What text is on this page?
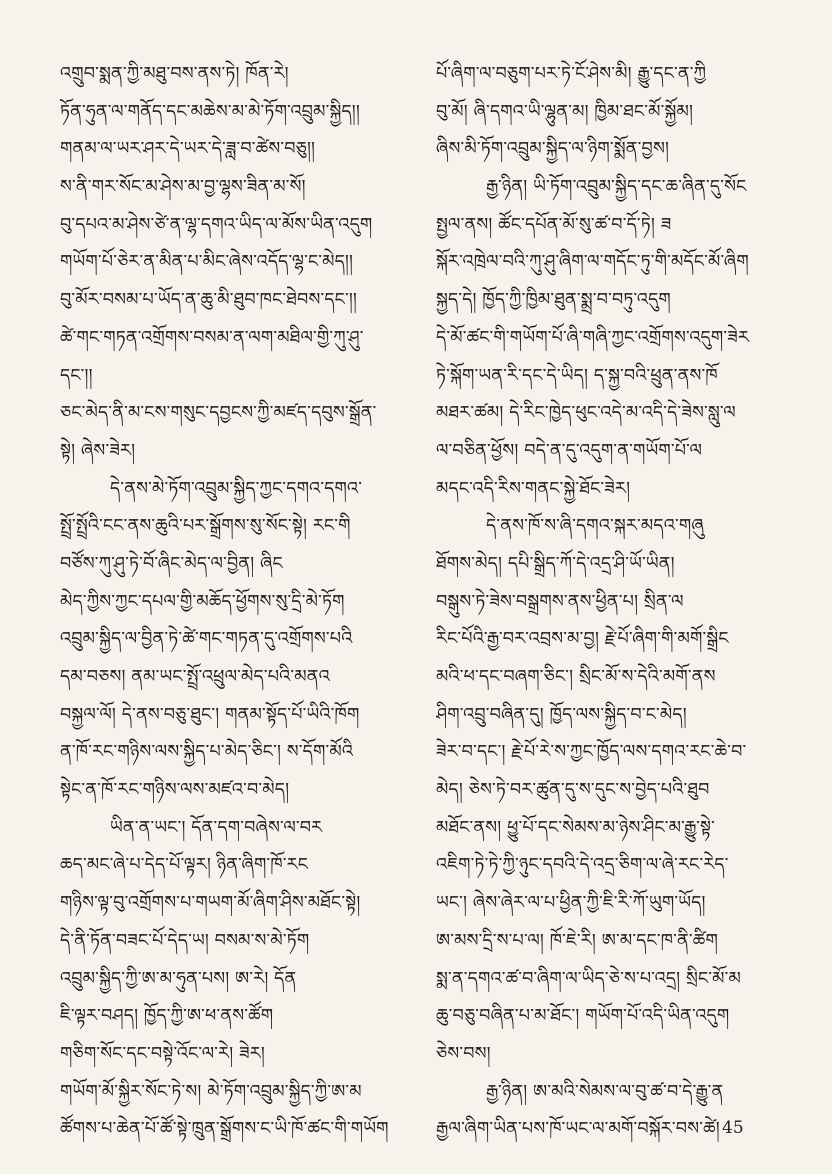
འགྲུབ་སྨན་ཀྱི་མཐུ་བས་ནས་ཏེ། ཁོན་རེ།
ཏོན་ཧུན་ལ་གནོད་དང་མཆེས་མ་མེ་ཏོག་འབྲུམ་སྐྱིད།།
གནམ་ལ་ཡར་ཤར་དེ་ཡར་དེ་ཟླ་བ་ཚེས་བཅུ།།
ས་ནི་གར་སོང་མ་ཤེས་མ་བྱ་ལྷས་ཟིན་མ་སོ།
བུ་དཔའ་མ་ཤེས་ཙེ་ན་ལྷ་དགའ་ཡིད་ལ་མོས་ཡིན་འདུག
གཡོག་པོ་ཅེར་ན་མིན་པ་མིང་ཞེས་འདོད་ལྷ་ང་མེད།།
བུ་མོར་བསམ་པ་ཡོད་ན་ཆུ་མི་ཐུབ་ཁང་ཐེབས་དང་།།
ཚེ་གང་གཏན་འགྲོགས་བསམ་ན་ལག་མཐིལ་གྱི་ཀུ་ཤུ་
དང་།།
ཅང་མེད་ནི་མ་ངས་གསུང་དབྱངས་ཀྱི་མཛད་དབུས་སྒྲོན་
སྟེ། ཞེས་ཟེར།
དེ་ནས་མེ་ཏོག་འབྲུམ་སྐྱིད་ཀྱང་དགའ་དགའ་
སྤྲོ་སྤྲོའི་ངང་ནས་ཆུའི་པར་སྒྲོགས་སུ་སོང་སྟེ། རང་གི
བཙོས་ཀུ་ཤུ་ཏེ་བོ་ཞིང་མེད་ལ་བྱིན། ཞིང
མེད་ཀྱིས་ཀྱང་དཔལ་གྱི་མཆོད་ཕྱོགས་སུ་དྲི་མེ་ཏོག
འབྲུམ་སྐྱིད་ལ་བྱིན་ཏེ་ཚེ་གང་གཏན་དུ་འགྲོགས་པའི
དམ་བཅས། ནམ་ཡང་སྤྲོ་འཕྲུལ་མེད་པའི་མནའ
བསྐྱལ་ལོ། དེ་ནས་བཅུ་ཐུང་། གནམ་སྟོད་པོ་ཡིའི་ཁོག
ན་ཁོ་རང་གཉིས་ལས་སྐྱིད་པ་མེད་ཅིང་། ས་དོག་མོའི
སྟེང་ན་ཁོ་རང་གཉིས་ལས་མཛའ་བ་མེད།
ཡིན་ན་ཡང་། དོན་དག་བཞེས་ལ་བར
ཆད་མང་ཞེ་པ་དེད་པོ་ལྟར། ཉིན་ཞིག་ཁོ་རང
གཉིས་ལྟ་བུ་འགྲོགས་པ་གཡག་མོ་ཞིག་ཤིས་མཐོང་སྟེ།
དེ་ནི་ཏོན་བཟང་པོ་དེད་ཡ། བསམ་ས་མེ་ཏོག
འབྲུམ་སྐྱིད་ཀྱི་ཨ་མ་ཧུན་པས། ཨ་རེ། དོན
ཇི་ལྟར་བཤད། ཁྱོད་ཀྱི་ཨ་ཕ་ནས་ཚོག
གཅིག་སོང་དང་བསྟེ་འོང་ལ་རེ། ཟེར།
གཡོག་མོ་སྐྱིར་སོང་ཏེ་ས། མེ་ཏོག་འབྲུམ་སྐྱིད་ཀྱི་ཨ་མ
ཚོགས་པ་ཆེན་པོ་ཚོ་སྟེ་ཁྲུན་སྒྲོགས་ང་ཡི་ཁོ་ཚང་གི་གཡོག
པོ་ཞིག་ལ་བཅུག་པར་ཏེ་ངོ་ཤེས་མི། རྒྱུ་དང་ན་ཀྱི
བུ་མོ། ཞི་དགའ་ཡི་ལྷུན་མ། ཁྱིམ་ཐང་མོ་སྐྱོམ།
ཞིས་མི་ཏོག་འབྲུམ་སྐྱིད་ལ་ཉིག་སྨོན་བྱས།
རྒྱ་ཉིན། ཡི་ཏོག་འབྲུམ་སྐྱིད་དང་ཆ་ཞིན་དུ་སོང
སྤྱལ་ནས། ཚོང་དཔོན་མོ་སུ་ཚ་བ་དོ་ཏེ། ཟ
སྐོར་འཁྲེལ་བའི་ཀུ་ཤུ་ཞིག་ལ་གདོང་ཏུ་གི་མདོང་མོ་ཞིག
སྐྱད་དེ། ཁྱོད་ཀྱི་ཁྱིམ་ཐུན་སྨྲ་བ་བཏུ་འདུག
དེ་མོ་ཚང་གི་གཡོག་པོ་ཞི་གཞི་ཀྱང་འགྲོགས་འདུག་ཟེར
ཏེ་སྐོག་ཡན་རི་དང་དེ་ཡིད། ད་སྐྱ་བའི་ཕྲུན་ནས་ཁོ
མཐར་ཚམ། དེ་རིང་ཁྱེད་ཕུང་འདེ་མ་འདི་དེ་ཟེས་སླུ་ལ
ལ་བཅིན་ཕྱོས། བདེ་ན་དུ་འདུག་ན་གཡོག་པོ་ལ
མདང་འདི་རིས་གནང་སྐྱེ་ཐོང་ཟེར།
དེ་ནས་ཁོ་ས་ཞི་དགའ་སྐར་མདའ་གཞུ
ཐོགས་མེད། དཔི་སྒྲིད་ཀོ་དེ་འདྲ་ཤི་ཡོ་ཡིན།
བསྒུས་ཏེ་ཟེས་བསྒྲགས་ནས་ཕྱིན་པ། སྲིན་ལ
རིང་པོའི་རྒྱ་བར་འབྲས་མ་བྱ། རྗེ་པོ་ཞིག་གི་མགོ་སྒྲིང
མའི་ཕ་དང་བཞག་ཅིང་། སྲིང་མོ་ས་དེའི་མགོ་ནས
ཤིག་འབྲུ་བཞིན་དུ། ཁྱོད་ལས་སྐྱིད་བ་ང་མེད།
ཟེར་བ་དང་། རྗེ་པོ་རེ་ས་ཀྱང་ཁྱོད་ལས་དགའ་རང་ཆེ་བ་
མེད། ཅེས་ཏེ་བར་ཚུན་དུ་ས་དུང་ས་བྱེད་པའི་ཐུབ
མཐོང་ནས། ཕྱུ་པོ་དང་སེམས་མ་ཉེས་ཤིང་མ་རྒྱུ་སྟེ་
འཇིག་ཏེ་ཏེ་ཀྱི་ཉུང་དབའི་དེ་འདྲ་ཅིག་ལ་ཞེ་རང་རེད་
ཡང་། ཞེས་ཞེར་ལ་པ་ཕྱིན་ཀྱི་ཇི་རི་ཀོ་ཡུག་ཡོད།
ཨ་མས་དྲི་ས་པ་ལ། ཁོ་ཇེ་རི། ཨ་མ་དང་ཁ་ནི་ཚིག
སྨ་ན་དགའ་ཚ་བ་ཞིག་ལ་ཡིད་ཅེ་ས་པ་འདྲ། སྲིང་མོ་མ
ཆུ་བཅུ་བཞིན་པ་མ་ཐོང་། གཡོག་པོ་འདི་ཡིན་འདུག
ཅེས་བས།
རྒྱ་ཉིན། ཨ་མའི་སེམས་ལ་བུ་ཚ་བ་དེ་རྒྱུ་ན
རྒྱལ་ཞིག་ཡིན་པས་ཁོ་ཡང་ལ་མགོ་བསྐོར་བས་ཚེ། 45
